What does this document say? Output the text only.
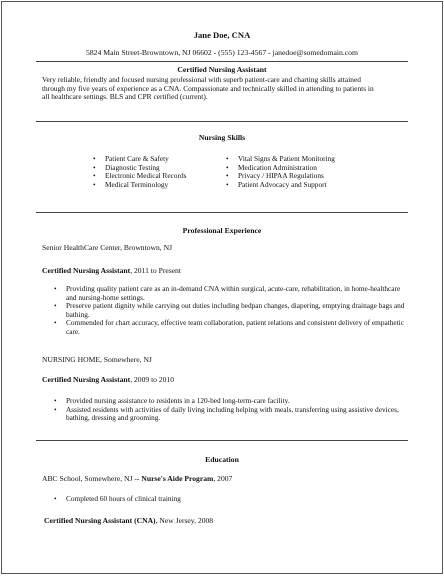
Jane Doe, CNA
5824 Main Street-Browntown, NJ 06602 - (555) 123-4567 - janedoe@somedomain.com
Certified Nursing Assistant
Very reliable, friendly and focused nursing professional with superb patient-care and charting skills attained through my five years of experience as a CNA. Compassionate and technically skilled in attending to patients in all healthcare settings. BLS and CPR certified (current).
Nursing Skills
• Patient Care & Safety
• Diagnostic Testing
• Electronic Medical Records
• Medical Terminology
• Vital Signs & Patient Monitoring
• Medication Administration
• Privacy / HIPAA Regulations
• Patient Advocacy and Support
Professional Experience
Senior HealthCare Center, Browntown, NJ
Certified Nursing Assistant, 2011 to Present
• Providing quality patient care as an in-demand CNA within surgical, acute-care, rehabilitation, in home-healthcare and nursing-home settings.
• Preserve patient dignity while carrying out duties including bedpan changes, diapering, emptying drainage bags and bathing.
• Commended for chart accuracy, effective team collaboration, patient relations and consistent delivery of empathetic care.
NURSING HOME, Somewhere, NJ
Certified Nursing Assistant, 2009 to 2010
• Provided nursing assistance to residents in a 120-bed long-term-care facility.
• Assisted residents with activities of daily living including helping with meals, transferring using assistive devices, bathing, dressing and grooming.
Education
ABC School, Somewhere, NJ -- Nurse's Aide Program, 2007
• Completed 60 hours of clinical training
Certified Nursing Assistant (CNA), New Jersey, 2008
